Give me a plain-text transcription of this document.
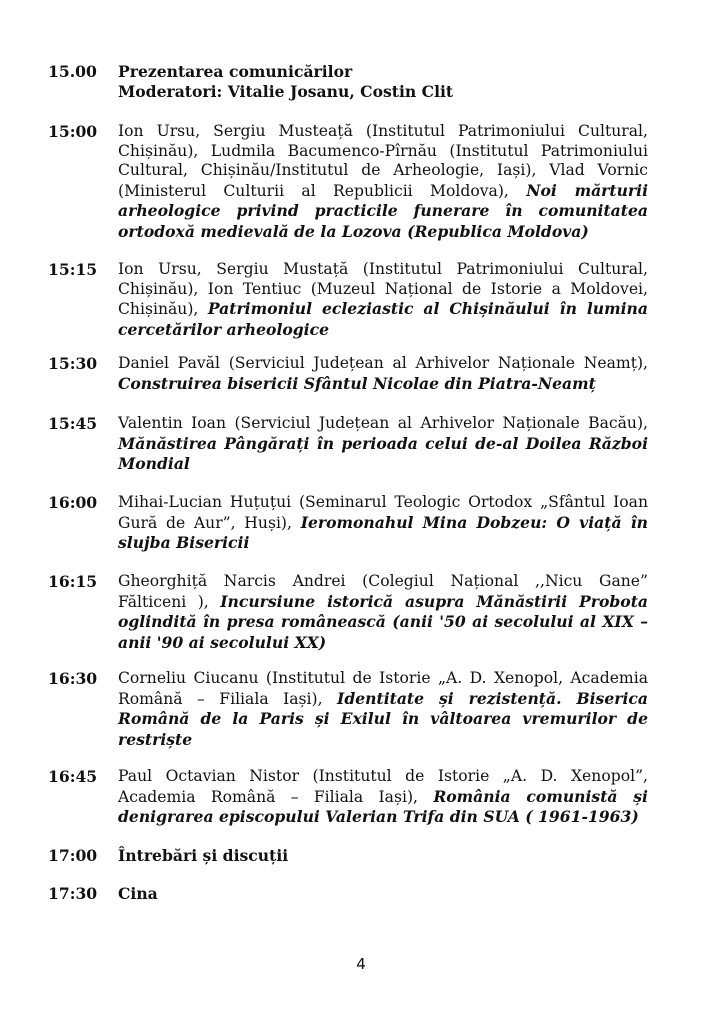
15.00	Prezentarea comunicărilor
Moderatori: Vitalie Josanu, Costin Clit
15:00	Ion Ursu, Sergiu Musteață (Institutul Patrimoniului Cultural, Chișinău), Ludmila Bacumenco-Pîrnău (Institutul Patrimoniului Cultural, Chișinău/Institutul de Arheologie, Iași), Vlad Vornic (Ministerul Culturii al Republicii Moldova), Noi mărturii arheologice privind practicile funerare în comunitatea ortodoxă medievală de la Lozova (Republica Moldova)
15:15	Ion Ursu, Sergiu Mustață (Institutul Patrimoniului Cultural, Chișinău), Ion Tentiuc (Muzeul Național de Istorie a Moldovei, Chișinău), Patrimoniul ecleziastic al Chișinăului în lumina cercetărilor arheologice
15:30	Daniel Pavăl (Serviciul Județean al Arhivelor Naționale Neamț), Construirea bisericii Sfântul Nicolae din Piatra-Neamț
15:45	Valentin Ioan (Serviciul Județean al Arhivelor Naționale Bacău), Mănăstirea Pângărați în perioada celui de-al Doilea Război Mondial
16:00	Mihai-Lucian Huțuțui (Seminarul Teologic Ortodox „Sfântul Ioan Gură de Aur”, Huși), Ieromonahul Mina Dobzeu: O viață în slujba Bisericii
16:15	Gheorghiță Narcis Andrei (Colegiul Național ,,Nicu Gane” Fălticeni ), Incursiune istorică asupra Mănăstirii Probota oglindită în presa românească (anii '50 ai secolului al XIX – anii '90 ai secolului XX)
16:30	Corneliu Ciucanu (Institutul de Istorie „A. D. Xenopol, Academia Română – Filiala Iași), Identitate și rezistență. Biserica Română de la Paris și Exilul în vâltoarea vremurilor de restriște
16:45	Paul Octavian Nistor (Institutul de Istorie „A. D. Xenopol”, Academia Română – Filiala Iași), România comunistă și denigrarea episcopului Valerian Trifa din SUA ( 1961-1963)
17:00	Întrebări și discuții
17:30	Cina
4
